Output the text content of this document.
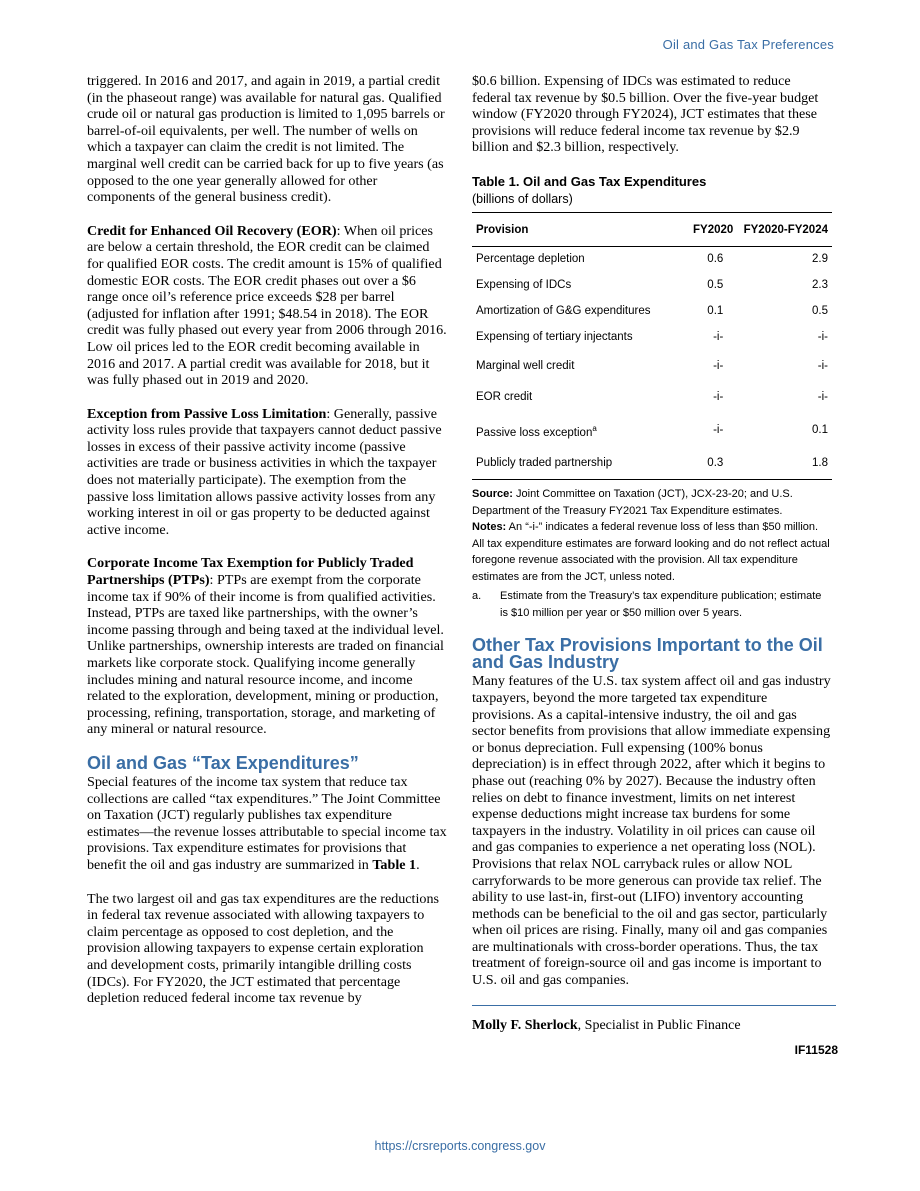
Oil and Gas Tax Preferences

triggered. In 2016 and 2017, and again in 2019, a partial credit (in the phaseout range) was available for natural gas. Qualified crude oil or natural gas production is limited to 1,095 barrels or barrel-of-oil equivalents, per well. The number of wells on which a taxpayer can claim the credit is not limited. The marginal well credit can be carried back for up to five years (as opposed to the one year generally allowed for other components of the general business credit).

Credit for Enhanced Oil Recovery (EOR): When oil prices are below a certain threshold, the EOR credit can be claimed for qualified EOR costs. The credit amount is 15% of qualified domestic EOR costs. The EOR credit phases out over a $6 range once oil’s reference price exceeds $28 per barrel (adjusted for inflation after 1991; $48.54 in 2018). The EOR credit was fully phased out every year from 2006 through 2016. Low oil prices led to the EOR credit becoming available in 2016 and 2017. A partial credit was available for 2018, but it was fully phased out in 2019 and 2020.

Exception from Passive Loss Limitation: Generally, passive activity loss rules provide that taxpayers cannot deduct passive losses in excess of their passive activity income (passive activities are trade or business activities in which the taxpayer does not materially participate). The exemption from the passive loss limitation allows passive activity losses from any working interest in oil or gas property to be deducted against active income.

Corporate Income Tax Exemption for Publicly Traded Partnerships (PTPs): PTPs are exempt from the corporate income tax if 90% of their income is from qualified activities. Instead, PTPs are taxed like partnerships, with the owner’s income passing through and being taxed at the individual level. Unlike partnerships, ownership interests are traded on financial markets like corporate stock. Qualifying income generally includes mining and natural resource income, and income related to the exploration, development, mining or production, processing, refining, transportation, storage, and marketing of any mineral or natural resource.

Oil and Gas “Tax Expenditures”

Special features of the income tax system that reduce tax collections are called “tax expenditures.” The Joint Committee on Taxation (JCT) regularly publishes tax expenditure estimates—the revenue losses attributable to special income tax provisions. Tax expenditure estimates for provisions that benefit the oil and gas industry are summarized in Table 1.

The two largest oil and gas tax expenditures are the reductions in federal tax revenue associated with allowing taxpayers to claim percentage as opposed to cost depletion, and the provision allowing taxpayers to expense certain exploration and development costs, primarily intangible drilling costs (IDCs). For FY2020, the JCT estimated that percentage depletion reduced federal income tax revenue by

$0.6 billion. Expensing of IDCs was estimated to reduce federal tax revenue by $0.5 billion. Over the five-year budget window (FY2020 through FY2024), JCT estimates that these provisions will reduce federal income tax revenue by $2.9 billion and $2.3 billion, respectively.

Table 1. Oil and Gas Tax Expenditures
(billions of dollars)
Provision	FY2020	FY2020-FY2024
Percentage depletion	0.6	2.9
Expensing of IDCs	0.5	2.3
Amortization of G&G expenditures	0.1	0.5
Expensing of tertiary injectants	-i-	-i-
Marginal well credit	-i-	-i-
EOR credit	-i-	-i-
Passive loss exception$^a$	-i-	0.1
Publicly traded partnership	0.3	1.8
Source: Joint Committee on Taxation (JCT), JCX-23-20; and U.S. Department of the Treasury FY2021 Tax Expenditure estimates.
Notes: An “-i-” indicates a federal revenue loss of less than $50 million. All tax expenditure estimates are forward looking and do not reflect actual foregone revenue associated with the provision. All tax expenditure estimates are from the JCT, unless noted.
a.	Estimate from the Treasury’s tax expenditure publication; estimate is $10 million per year or $50 million over 5 years.
Other Tax Provisions Important to the Oil and Gas Industry

Many features of the U.S. tax system affect oil and gas industry taxpayers, beyond the more targeted tax expenditure provisions. As a capital-intensive industry, the oil and gas sector benefits from provisions that allow immediate expensing or bonus depreciation. Full expensing (100% bonus depreciation) is in effect through 2022, after which it begins to phase out (reaching 0% by 2027). Because the industry often relies on debt to finance investment, limits on net interest expense deductions might increase tax burdens for some taxpayers in the industry. Volatility in oil prices can cause oil and gas companies to experience a net operating loss (NOL). Provisions that relax NOL carryback rules or allow NOL carryforwards to be more generous can provide tax relief. The ability to use last-in, first-out (LIFO) inventory accounting methods can be beneficial to the oil and gas sector, particularly when oil prices are rising. Finally, many oil and gas companies are multinationals with cross-border operations. Thus, the tax treatment of foreign-source oil and gas income is important to U.S. oil and gas companies.

Molly F. Sherlock, Specialist in Public Finance
IF11528
https://crsreports.congress.gov
